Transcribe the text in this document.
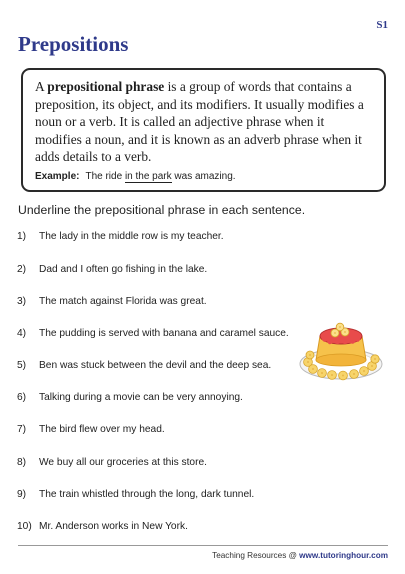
S1
Prepositions

A prepositional phrase is a group of words that contains a preposition, its object, and its modifiers. It usually modifies a noun or a verb. It is called an adjective phrase when it modifies a noun, and it is known as an adverb phrase when it adds details to a verb.

Example: The ride in the park was amazing.

Underline the prepositional phrase in each sentence.

1) The lady in the middle row is my teacher.
2) Dad and I often go fishing in the lake.
3) The match against Florida was great.
4) The pudding is served with banana and caramel sauce.
5) Ben was stuck between the devil and the deep sea.
6) Talking during a movie can be very annoying.
7) The bird flew over my head.
8) We buy all our groceries at this store.
9) The train whistled through the long, dark tunnel.
10) Mr. Anderson works in New York.
Teaching Resources @ www.tutoringhour.com
